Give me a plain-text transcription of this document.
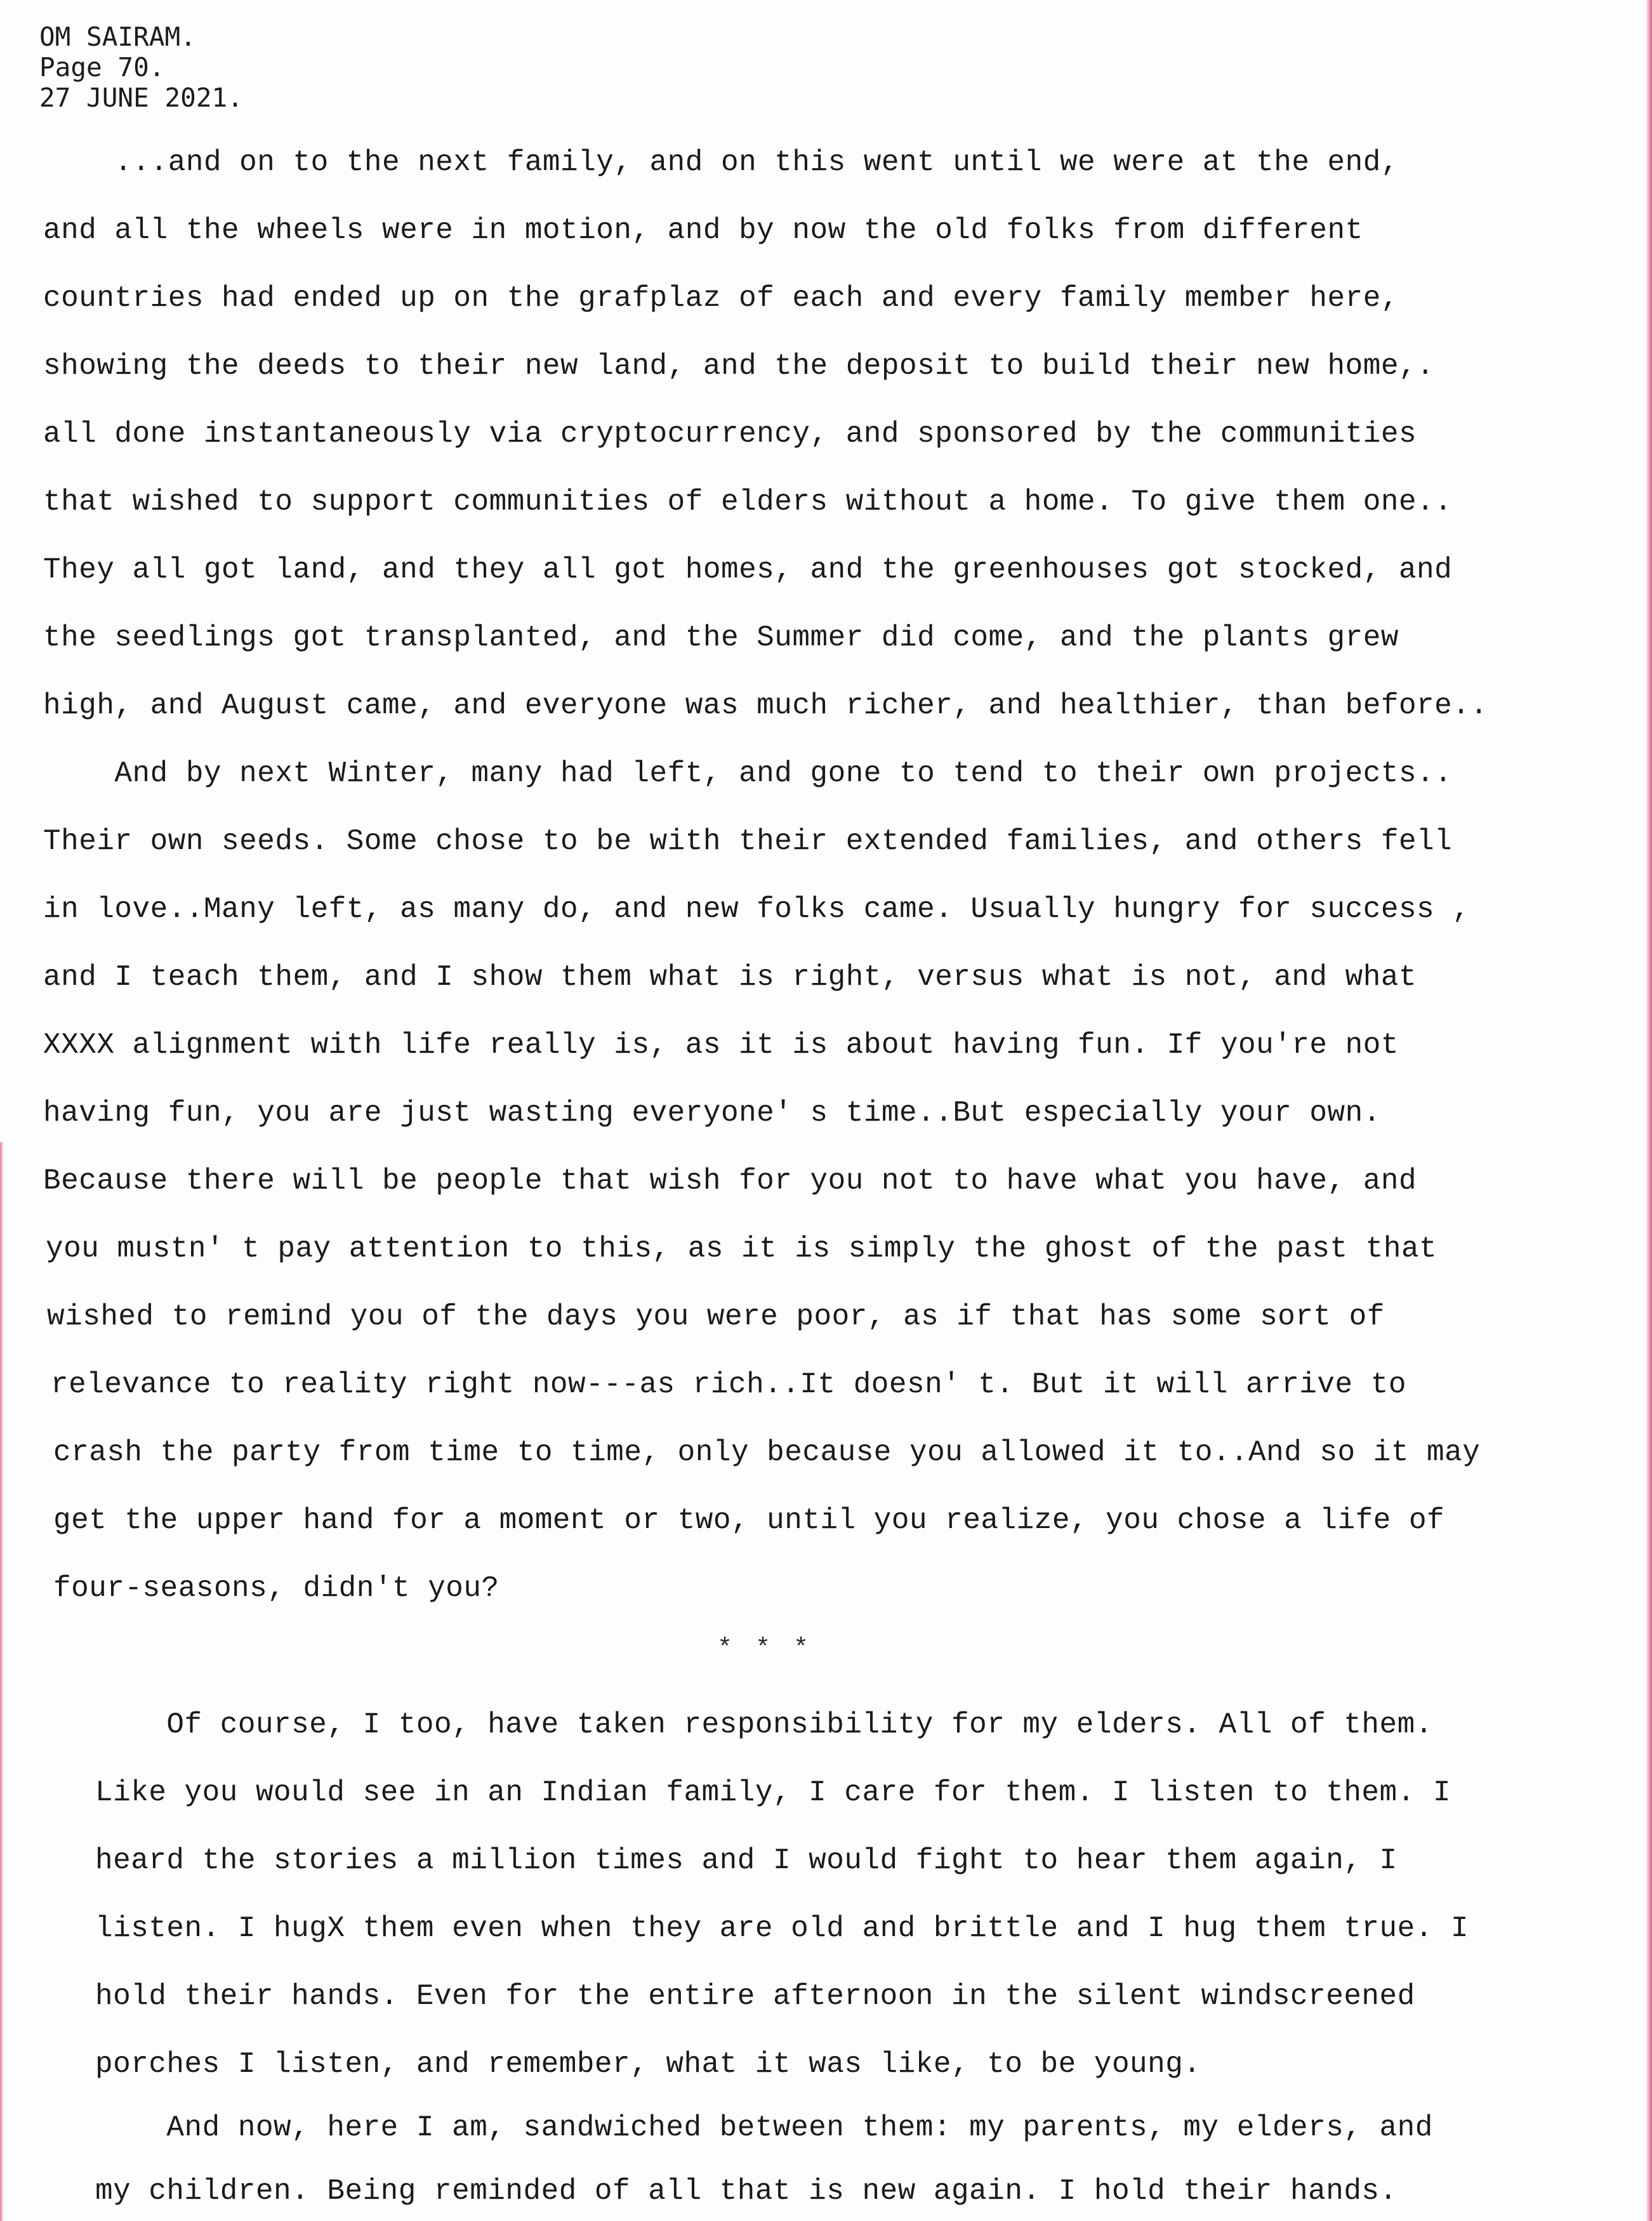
OM SAIRAM.
Page 70.
27 JUNE 2021.
...and on to the next family, and on this went until we were at the end,
and all the wheels were in motion, and by now the old folks from different
countries had ended up on the grafplaz of each and every family member here,
showing the deeds to their new land, and the deposit to build their new home,.
all done instantaneously via cryptocurrency, and sponsored by the communities
that wished to support communities of elders without a home. To give them one..
They all got land, and they all got homes, and the greenhouses got stocked, and
the seedlings got transplanted, and the Summer did come, and the plants grew
high, and August came, and everyone was much richer, and healthier, than before..
And by next Winter, many had left, and gone to tend to their own projects..
Their own seeds. Some chose to be with their extended families, and others fell
in love..Many left, as many do, and new folks came. Usually hungry for success ,
and I teach them, and I show them what is right, versus what is not, and what
XXXX alignment with life really is, as it is about having fun. If you're not
having fun, you are just wasting everyone' s time..But especially your own.
Because there will be people that wish for you not to have what you have, and
you mustn' t pay attention to this, as it is simply the ghost of the past that
wished to remind you of the days you were poor, as if that has some sort of
relevance to reality right now---as rich..It doesn' t. But it will arrive to
crash the party from time to time, only because you allowed it to..And so it may
get the upper hand for a moment or two, until you realize, you chose a life of
four-seasons, didn't you?
* * *
Of course, I too, have taken responsibility for my elders. All of them.
Like you would see in an Indian family, I care for them. I listen to them. I
heard the stories a million times and I would fight to hear them again, I
listen. I hugX them even when they are old and brittle and I hug them true. I
hold their hands. Even for the entire afternoon in the silent windscreened
porches I listen, and remember, what it was like, to be young.
And now, here I am, sandwiched between them: my parents, my elders, and
my children. Being reminded of all that is new again. I hold their hands.
